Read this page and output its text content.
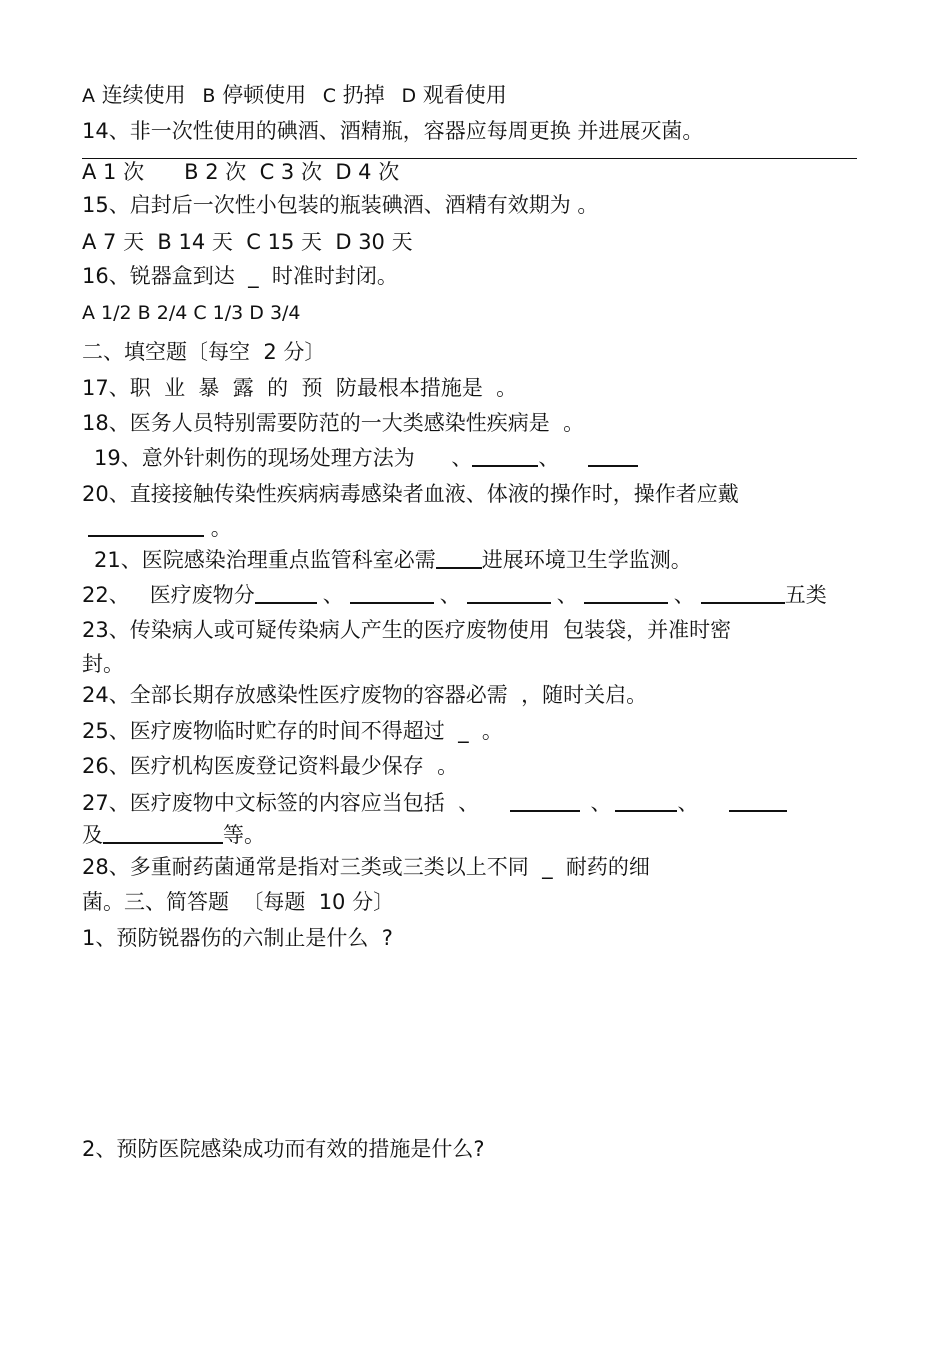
A 连续使用 B 停顿使用 C 扔掉 D 观看使用
14、非一次性使用的碘酒、酒精瓶，容器应每周更换 并进展灭菌。
A 1 次      B 2 次  C 3 次  D 4 次
15、启封后一次性小包装的瓶装碘酒、酒精有效期为 。
A 7 天  B 14 天  C 15 天  D 30 天
16、锐器盒到达  _  时准时封闭。
A 1/2 B 2/4 C 1/3 D 3/4
二、填空题〔每空  2 分〕
17、职  业  暴  露  的  预  防最根本措施是  。
18、医务人员特别需要防范的一大类感染性疾病是  。
19、意外针刺伤的现场处理方法为 、	、
20、直接接触传染性疾病病毒感染者血液、体液的操作时，操作者应戴
。
21、医院感染治理重点监管科室必需 进展环境卫生学监测。
22、   医疗废物分	、	、	、	、	五类
23、传染病人或可疑传染病人产生的医疗废物使用  包装袋，并准时密
封。
24、全部长期存放感染性医疗废物的容器必需  ，随时关启。
25、医疗废物临时贮存的时间不得超过  _  。
26、医疗机构医废登记资料最少保存  。
27、医疗废物中文标签的内容应当包括  、	、	、
及	等。
28、多重耐药菌通常是指对三类或三类以上不同  _  耐药的细
菌。三、简答题  〔每题  10 分〕
1、预防锐器伤的六制止是什么  ?
2、预防医院感染成功而有效的措施是什么?
